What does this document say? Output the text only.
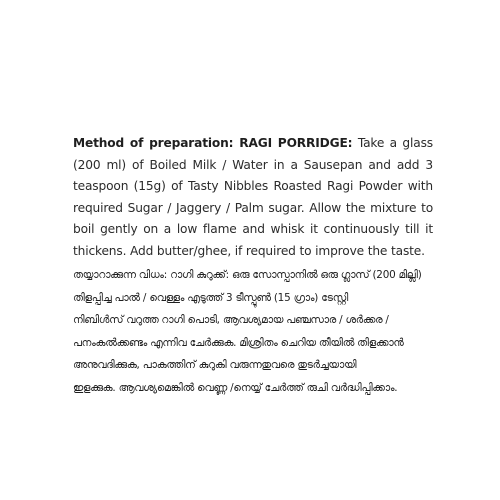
Method of preparation: RAGI PORRIDGE: Take a glass (200 ml) of Boiled Milk / Water in a Sausepan and add 3 teaspoon (15g) of Tasty Nibbles Roasted Ragi Powder with required Sugar / Jaggery / Palm sugar. Allow the mixture to boil gently on a low flame and whisk it continuously till it thickens. Add butter/ghee, if required to improve the taste.
തയ്യാറാക്കുന്ന വിധം: റാഗി കുറുക്ക്: ഒരു സോസ്പാനിൽ ഒരു ഗ്ലാസ് (200 മില്ലി)
തിളപ്പിച്ച പാൽ / വെള്ളം എടുത്ത് 3 ടീസ്പൂൺ (15 ഗ്രാം) ടേസ്റ്റി
നിബിൾസ് വറുത്ത റാഗി പൊടി, ആവശ്യമായ പഞ്ചസാര / ശർക്കര /
പനംകൽക്കണ്ടം എന്നിവ ചേർക്കുക. മിശ്രിതം ചെറിയ തീയിൽ തിളക്കാൻ
അനുവദിക്കുക, പാകത്തിന് കുറുകി വരുന്നതുവരെ തുടർച്ചയായി
ഇളക്കുക. ആവശ്യമെങ്കിൽ വെണ്ണ /നെയ്യ് ചേർത്ത് രുചി വർദ്ധിപ്പിക്കാം.
